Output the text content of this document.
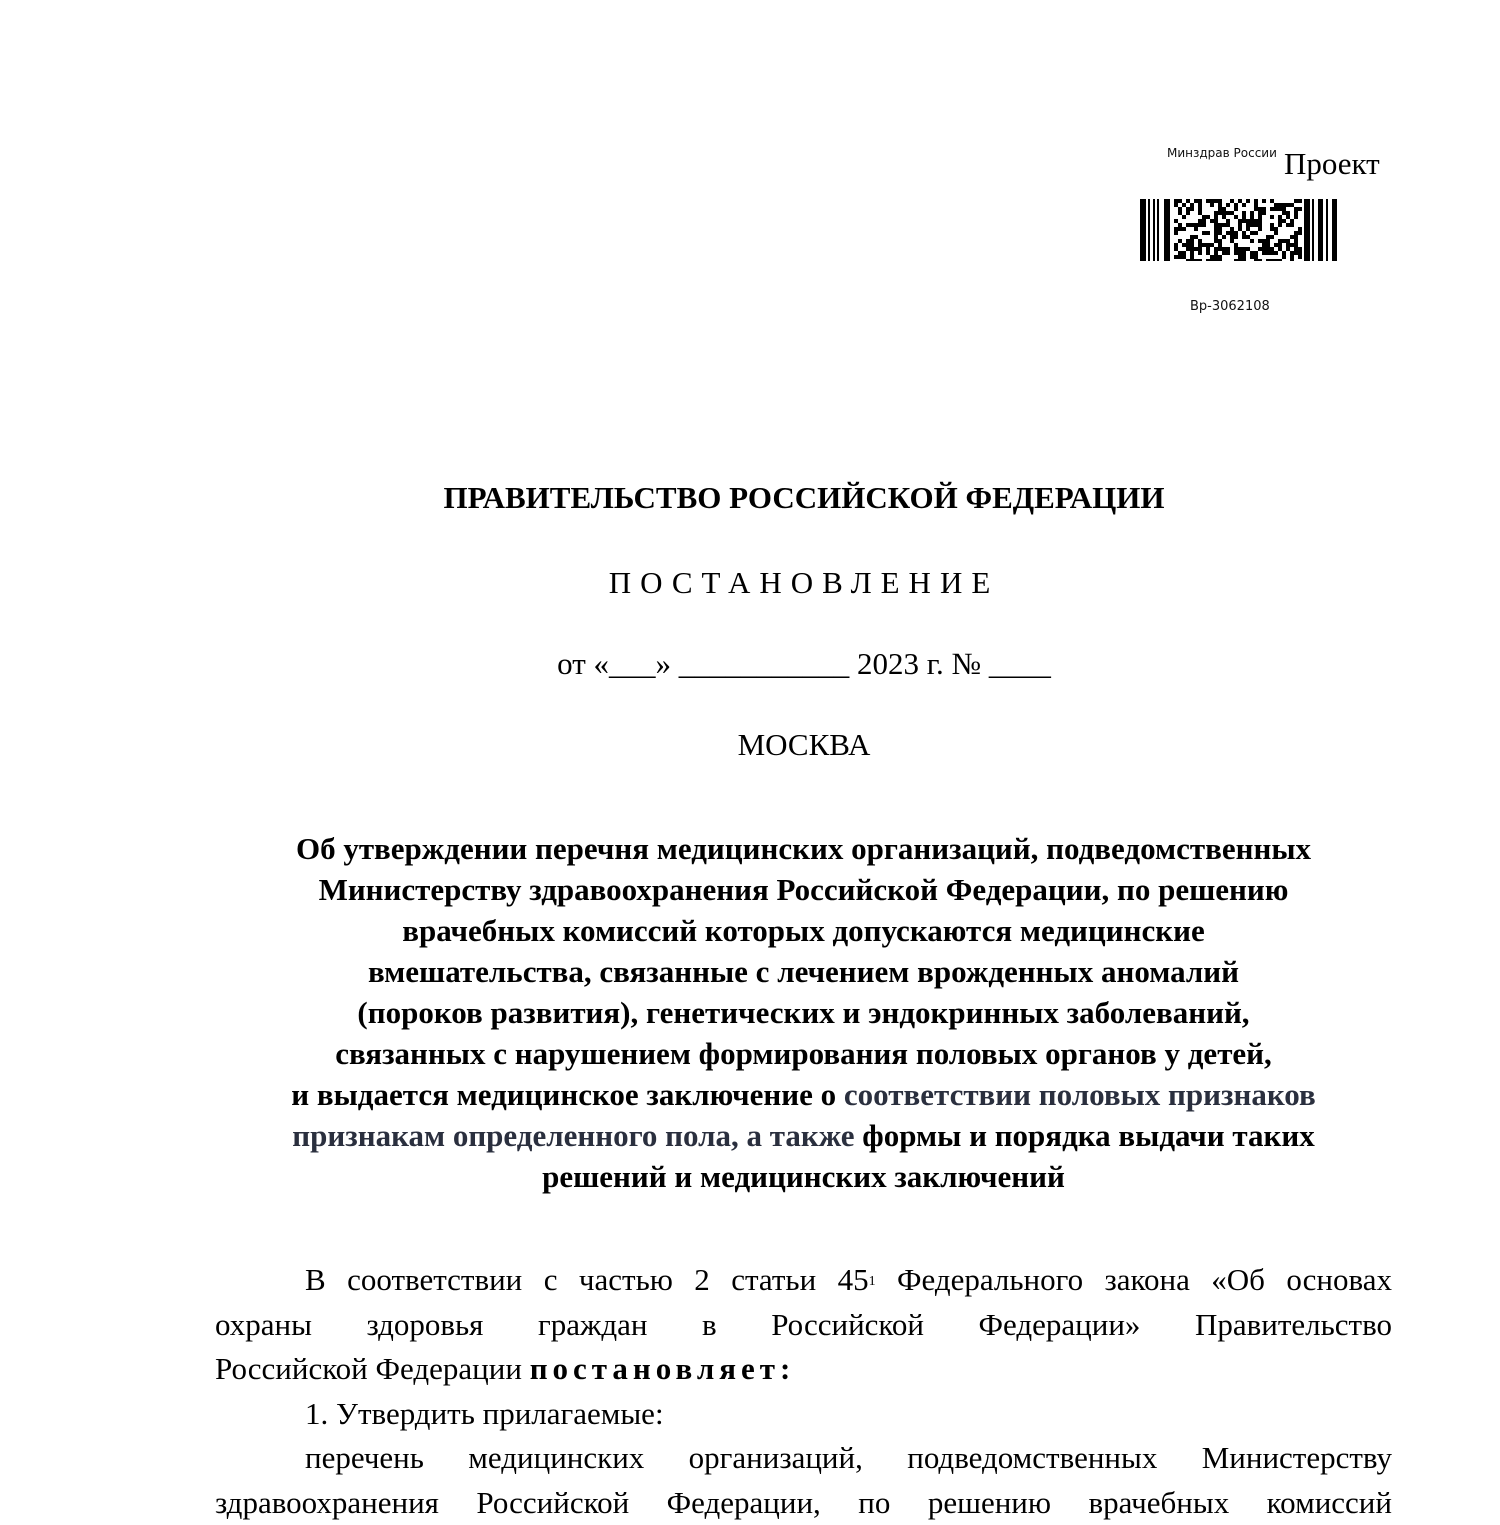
Минздрав России
Вр-3062108
Проект
ПРАВИТЕЛЬСТВО РОССИЙСКОЙ ФЕДЕРАЦИИ
ПОСТАНОВЛЕНИЕ
от «___» ___________ 2023 г. № ____
МОСКВА
Об утверждении перечня медицинских организаций, подведомственных
Министерству здравоохранения Российской Федерации, по решению
врачебных комиссий которых допускаются медицинские
вмешательства, связанные с лечением врожденных аномалий
(пороков развития), генетических и эндокринных заболеваний,
связанных с нарушением формирования половых органов у детей,
и выдается медицинское заключение о соответствии половых признаков
признакам определенного пола, а также формы и порядка выдачи таких
решений и медицинских заключений
В соответствии с частью 2 статьи $45^1$ Федерального закона «Об основах
охраны здоровья граждан в Российской Федерации» Правительство
Российской Федерации постановляет:
1. Утвердить прилагаемые:
перечень медицинских организаций, подведомственных Министерству
здравоохранения Российской Федерации, по решению врачебных комиссий
